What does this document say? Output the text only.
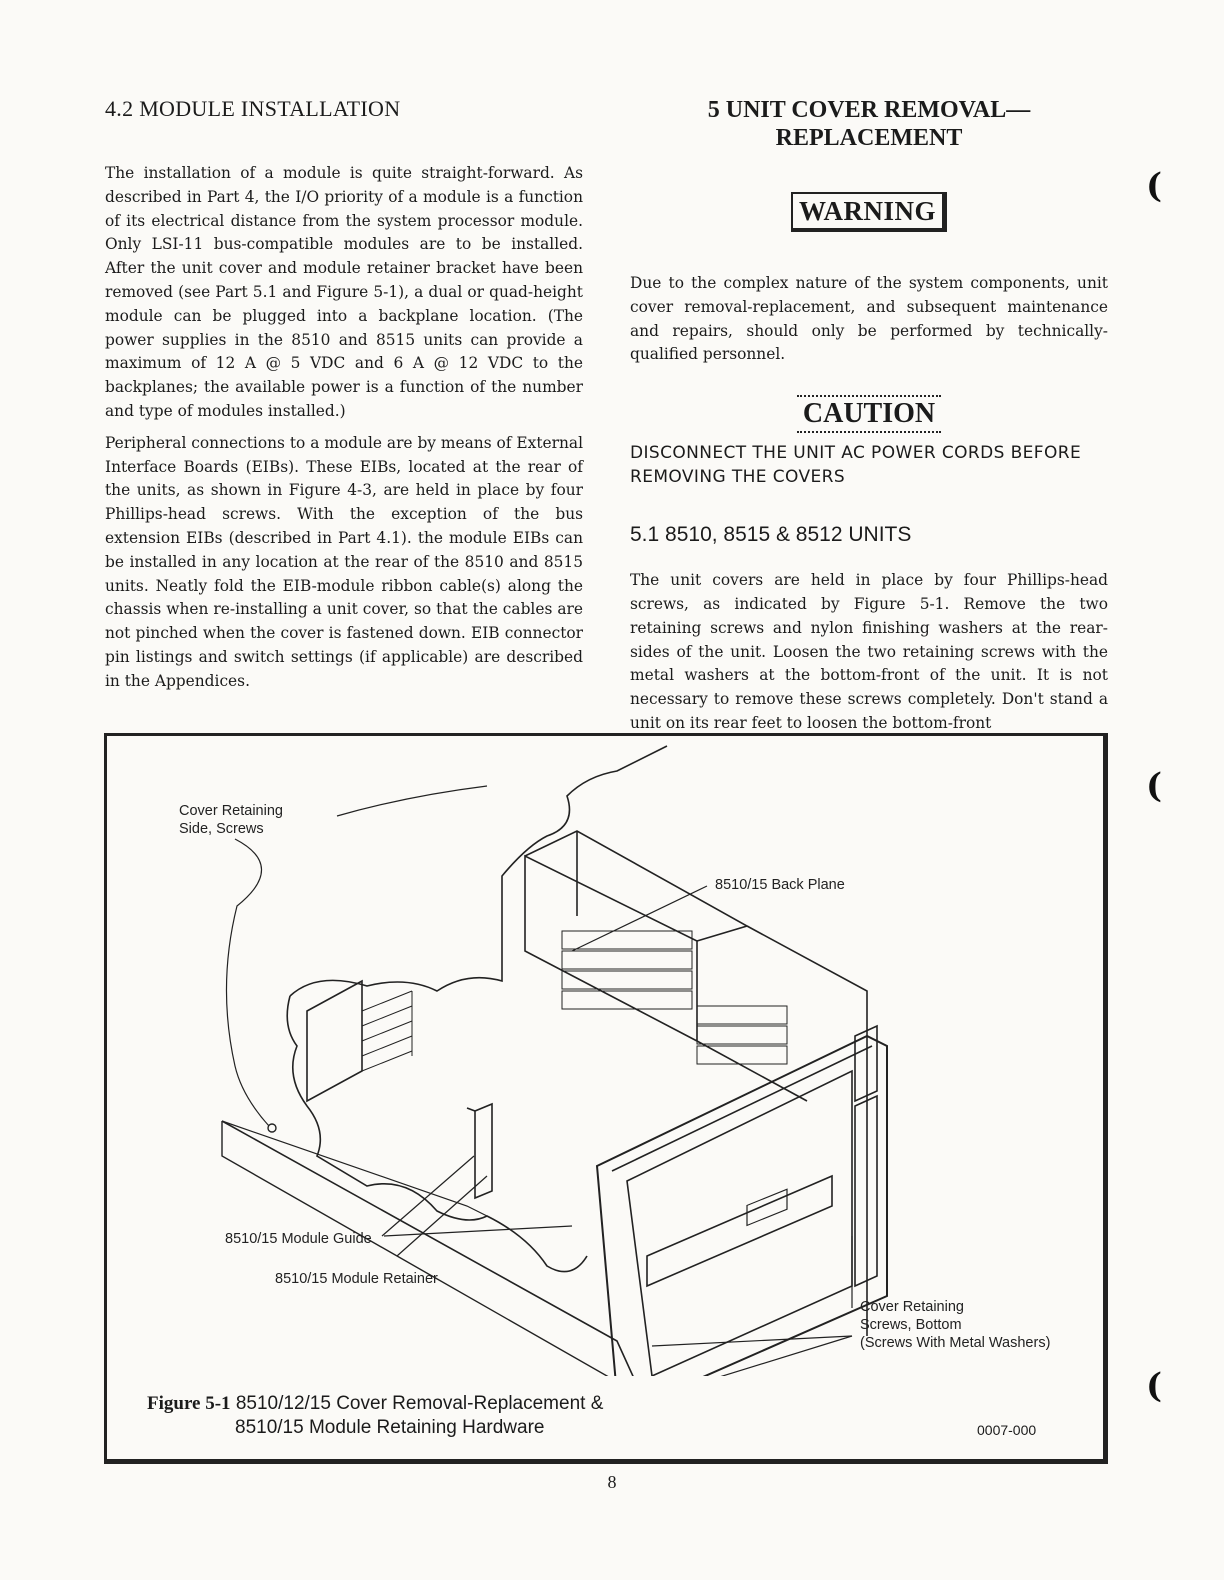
4.2 MODULE INSTALLATION

The installation of a module is quite straight-forward. As described in Part 4, the I/O priority of a module is a function of its electrical distance from the system processor module. Only LSI-11 bus-compatible modules are to be installed. After the unit cover and module retainer bracket have been removed (see Part 5.1 and Figure 5-1), a dual or quad-height module can be plugged into a backplane location. (The power supplies in the 8510 and 8515 units can provide a maximum of 12 A @ 5 VDC and 6 A @ 12 VDC to the backplanes; the available power is a function of the number and type of modules installed.)

Peripheral connections to a module are by means of External Interface Boards (EIBs). These EIBs, located at the rear of the units, as shown in Figure 4-3, are held in place by four Phillips-head screws. With the exception of the bus extension EIBs (described in Part 4.1). the module EIBs can be installed in any location at the rear of the 8510 and 8515 units. Neatly fold the EIB-module ribbon cable(s) along the chassis when re-installing a unit cover, so that the cables are not pinched when the cover is fastened down. EIB connector pin listings and switch settings (if applicable) are described in the Appendices.

5 UNIT COVER REMOVAL—
REPLACEMENT
WARNING

Due to the complex nature of the system components, unit cover removal-replacement, and subsequent maintenance and repairs, should only be performed by technically-qualified personnel.

CAUTION

DISCONNECT THE UNIT AC POWER CORDS BEFORE REMOVING THE COVERS

5.1 8510, 8515 & 8512 UNITS

The unit covers are held in place by four Phillips-head screws, as indicated by Figure 5-1. Remove the two retaining screws and nylon finishing washers at the rear-sides of the unit. Loosen the two retaining screws with the metal washers at the bottom-front of the unit. It is not necessary to remove these screws completely. Don't stand a unit on its rear feet to loosen the bottom-front

Cover Retaining
Side, Screws
8510/15 Back Plane
8510/15 Module Guide
8510/15 Module Retainer
Cover Retaining
Screws, Bottom
(Screws With Metal Washers)
Figure 5-1 8510/12/15 Cover Removal-Replacement &
8510/15 Module Retaining Hardware	0007-000
(
(
(
8
